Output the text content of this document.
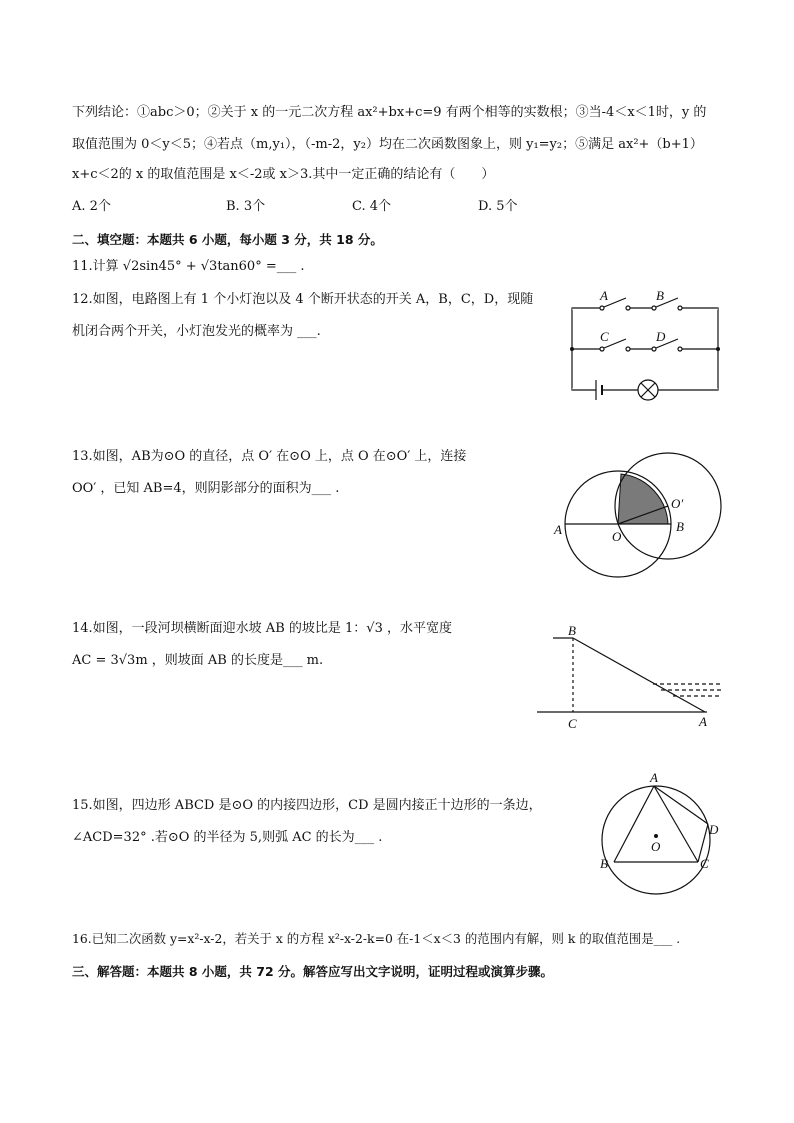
下列结论：①abc＞0；②关于 x 的一元二次方程 ax²+bx+c=9 有两个相等的实数根；③当-4＜x＜1时，y 的
取值范围为 0＜y＜5；④若点（m,y₁），（-m-2，y₂）均在二次函数图象上，则 y₁=y₂；⑤满足 ax²+（b+1）
x+c＜2的 x 的取值范围是 x＜-2或 x＞3.其中一定正确的结论有（　　）
A. 2个	B. 3个	C. 4个	D. 5个
二、填空题：本题共 6 小题，每小题 3 分，共 18 分。
11.计算 √2sin45° + √3tan60° =___ .
12.如图，电路图上有 1 个小灯泡以及 4 个断开状态的开关 A，B，C，D，现随
机闭合两个开关，小灯泡发光的概率为 ___.
A	B
C	D
13.如图，AB为⊙O 的直径，点 O′ 在⊙O 上，点 O 在⊙O′ 上，连接
OO′ ，已知 AB=4，则阴影部分的面积为___ .
A	B
O
O′
14.如图，一段河坝横断面迎水坡 AB 的坡比是 1：√3 ，水平宽度
AC = 3√3m ，则坡面 AB 的长度是___ m.
B
C	A
15.如图，四边形 ABCD 是⊙O 的内接四边形，CD 是圆内接正十边形的一条边，
∠ACD=32° .若⊙O 的半径为 5,则弧 AC 的长为___ .
A
B	C
D
O
16.已知二次函数 y=x²-x-2，若关于 x 的方程 x²-x-2-k=0 在-1＜x＜3 的范围内有解，则 k 的取值范围是___ .
三、解答题：本题共 8 小题，共 72 分。解答应写出文字说明，证明过程或演算步骤。
